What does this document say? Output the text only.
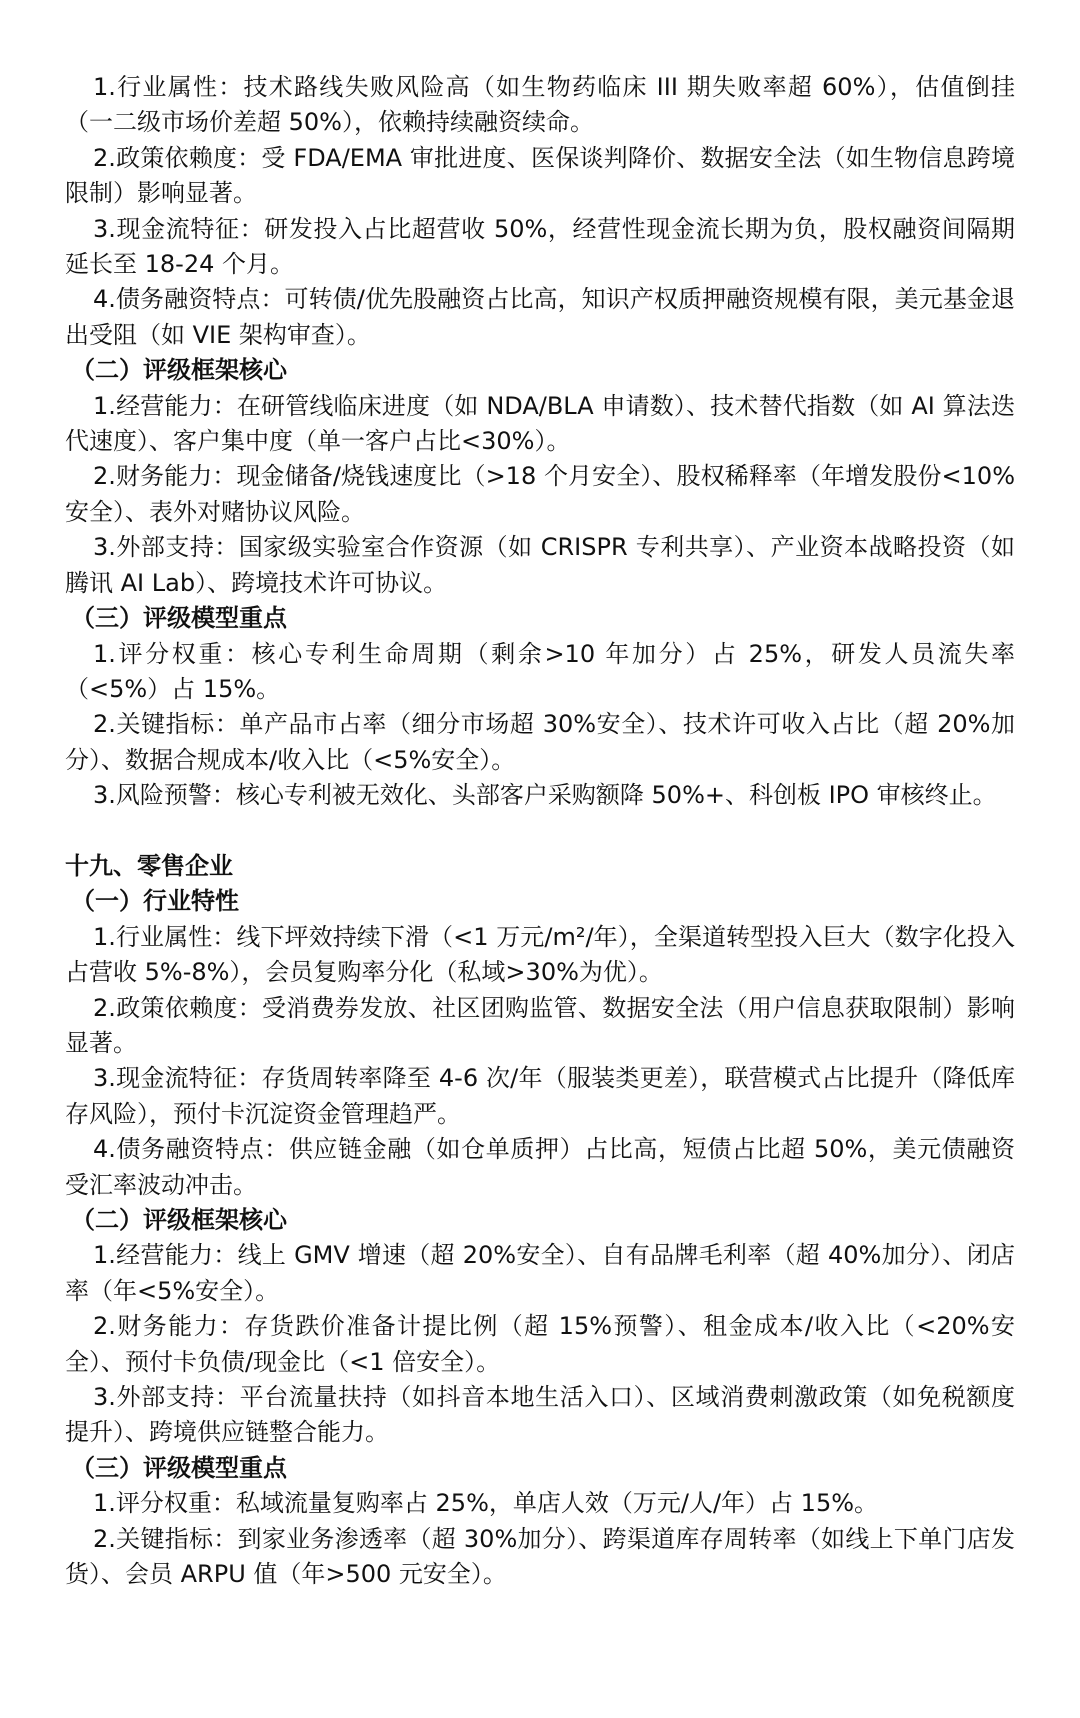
1.行业属性：技术路线失败风险高（如生物药临床 III 期失败率超 60%），估值倒挂（一二级市场价差超 50%），依赖持续融资续命。

2.政策依赖度：受 FDA/EMA 审批进度、医保谈判降价、数据安全法（如生物信息跨境限制）影响显著。

3.现金流特征：研发投入占比超营收 50%，经营性现金流长期为负，股权融资间隔期延长至 18-24 个月。

4.债务融资特点：可转债/优先股融资占比高，知识产权质押融资规模有限，美元基金退出受阻（如 VIE 架构审查）。

（二）评级框架核心

1.经营能力：在研管线临床进度（如 NDA/BLA 申请数）、技术替代指数（如 AI 算法迭代速度）、客户集中度（单一客户占比<30%）。

2.财务能力：现金储备/烧钱速度比（>18 个月安全）、股权稀释率（年增发股份<10%安全）、表外对赌协议风险。

3.外部支持：国家级实验室合作资源（如 CRISPR 专利共享）、产业资本战略投资（如腾讯 AI Lab）、跨境技术许可协议。

（三）评级模型重点

1.评分权重：核心专利生命周期（剩余>10 年加分）占 25%，研发人员流失率（<5%）占 15%。

2.关键指标：单产品市占率（细分市场超 30%安全）、技术许可收入占比（超 20%加分）、数据合规成本/收入比（<5%安全）。

3.风险预警：核心专利被无效化、头部客户采购额降 50%+、科创板 IPO 审核终止。

十九、零售企业

（一）行业特性

1.行业属性：线下坪效持续下滑（<1 万元/m²/年），全渠道转型投入巨大（数字化投入占营收 5%-8%），会员复购率分化（私域>30%为优）。

2.政策依赖度：受消费券发放、社区团购监管、数据安全法（用户信息获取限制）影响显著。

3.现金流特征：存货周转率降至 4-6 次/年（服装类更差），联营模式占比提升（降低库存风险），预付卡沉淀资金管理趋严。

4.债务融资特点：供应链金融（如仓单质押）占比高，短债占比超 50%，美元债融资受汇率波动冲击。

（二）评级框架核心

1.经营能力：线上 GMV 增速（超 20%安全）、自有品牌毛利率（超 40%加分）、闭店率（年<5%安全）。

2.财务能力：存货跌价准备计提比例（超 15%预警）、租金成本/收入比（<20%安全）、预付卡负债/现金比（<1 倍安全）。

3.外部支持：平台流量扶持（如抖音本地生活入口）、区域消费刺激政策（如免税额度提升）、跨境供应链整合能力。

（三）评级模型重点

1.评分权重：私域流量复购率占 25%，单店人效（万元/人/年）占 15%。

2.关键指标：到家业务渗透率（超 30%加分）、跨渠道库存周转率（如线上下单门店发货）、会员 ARPU 值（年>500 元安全）。
